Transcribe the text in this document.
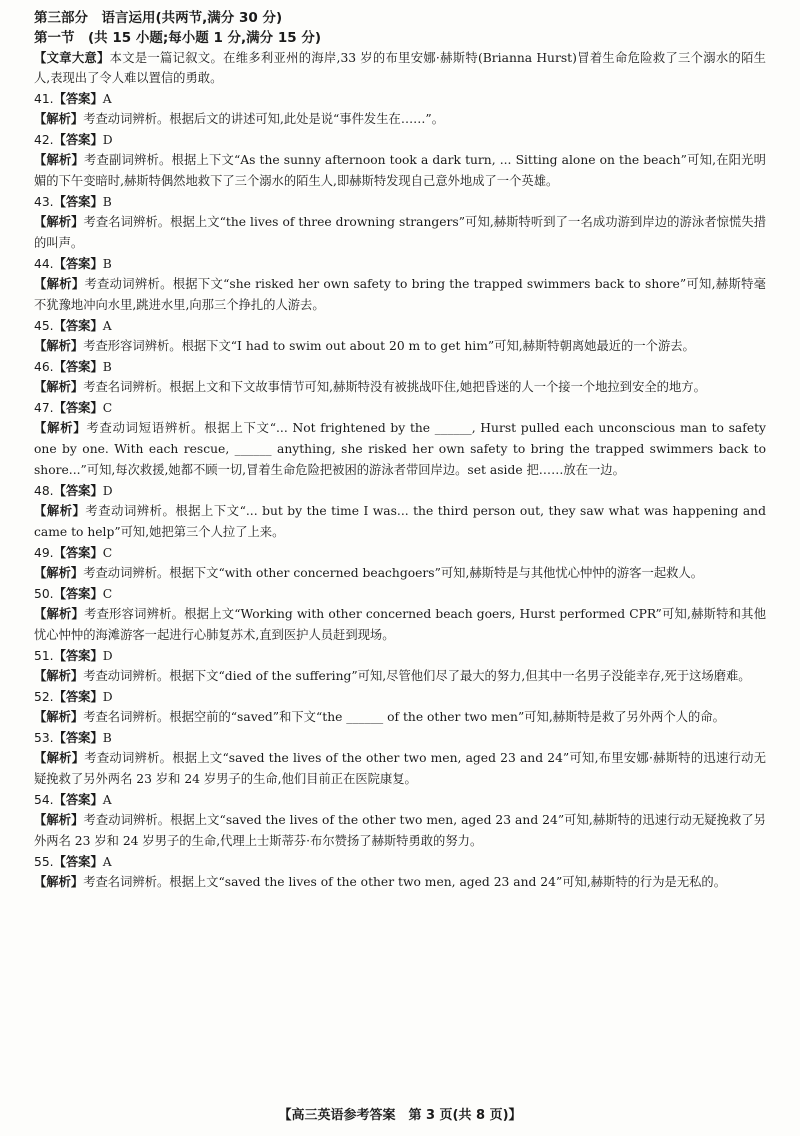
第三部分　语言运用(共两节,满分 30 分)
第一节　(共 15 小题;每小题 1 分,满分 15 分)

【文章大意】本文是一篇记叙文。在维多利亚州的海岸,33 岁的布里安娜·赫斯特(Brianna Hurst)冒着生命危险救了三个溺水的陌生人,表现出了令人难以置信的勇敢。

41.【答案】A
【解析】考查动词辨析。根据后文的讲述可知,此处是说“事件发生在……”。
42.【答案】D
【解析】考查副词辨析。根据上下文“As the sunny afternoon took a dark turn, ... Sitting alone on the beach”可知,在阳光明媚的下午变暗时,赫斯特偶然地救下了三个溺水的陌生人,即赫斯特发现自己意外地成了一个英雄。
43.【答案】B
【解析】考查名词辨析。根据上文“the lives of three drowning strangers”可知,赫斯特听到了一名成功游到岸边的游泳者惊慌失措的叫声。
44.【答案】B
【解析】考查动词辨析。根据下文“she risked her own safety to bring the trapped swimmers back to shore”可知,赫斯特毫不犹豫地冲向水里,跳进水里,向那三个挣扎的人游去。
45.【答案】A
【解析】考查形容词辨析。根据下文“I had to swim out about 20 m to get him”可知,赫斯特朝离她最近的一个游去。
46.【答案】B
【解析】考查名词辨析。根据上文和下文故事情节可知,赫斯特没有被挑战吓住,她把昏迷的人一个接一个地拉到安全的地方。
47.【答案】C
【解析】考查动词短语辨析。根据上下文“... Not frightened by the ______, Hurst pulled each unconscious man to safety one by one. With each rescue, ______ anything, she risked her own safety to bring the trapped swimmers back to shore...”可知,每次救援,她都不顾一切,冒着生命危险把被困的游泳者带回岸边。set aside 把……放在一边。
48.【答案】D
【解析】考查动词辨析。根据上下文“... but by the time I was... the third person out, they saw what was happening and came to help”可知,她把第三个人拉了上来。
49.【答案】C
【解析】考查动词辨析。根据下文“with other concerned beachgoers”可知,赫斯特是与其他忧心忡忡的游客一起救人。
50.【答案】C
【解析】考查形容词辨析。根据上文“Working with other concerned beach goers, Hurst performed CPR”可知,赫斯特和其他忧心忡忡的海滩游客一起进行心肺复苏术,直到医护人员赶到现场。
51.【答案】D
【解析】考查动词辨析。根据下文“died of the suffering”可知,尽管他们尽了最大的努力,但其中一名男子没能幸存,死于这场磨难。
52.【答案】D
【解析】考查名词辨析。根据空前的“saved”和下文“the ______ of the other two men”可知,赫斯特是救了另外两个人的命。
53.【答案】B
【解析】考查动词辨析。根据上文“saved the lives of the other two men, aged 23 and 24”可知,布里安娜·赫斯特的迅速行动无疑挽救了另外两名 23 岁和 24 岁男子的生命,他们目前正在医院康复。
54.【答案】A
【解析】考查动词辨析。根据上文“saved the lives of the other two men, aged 23 and 24”可知,赫斯特的迅速行动无疑挽救了另外两名 23 岁和 24 岁男子的生命,代理上士斯蒂芬·布尔赞扬了赫斯特勇敢的努力。
55.【答案】A
【解析】考查名词辨析。根据上文“saved the lives of the other two men, aged 23 and 24”可知,赫斯特的行为是无私的。
【高三英语参考答案　第 3 页(共 8 页)】
